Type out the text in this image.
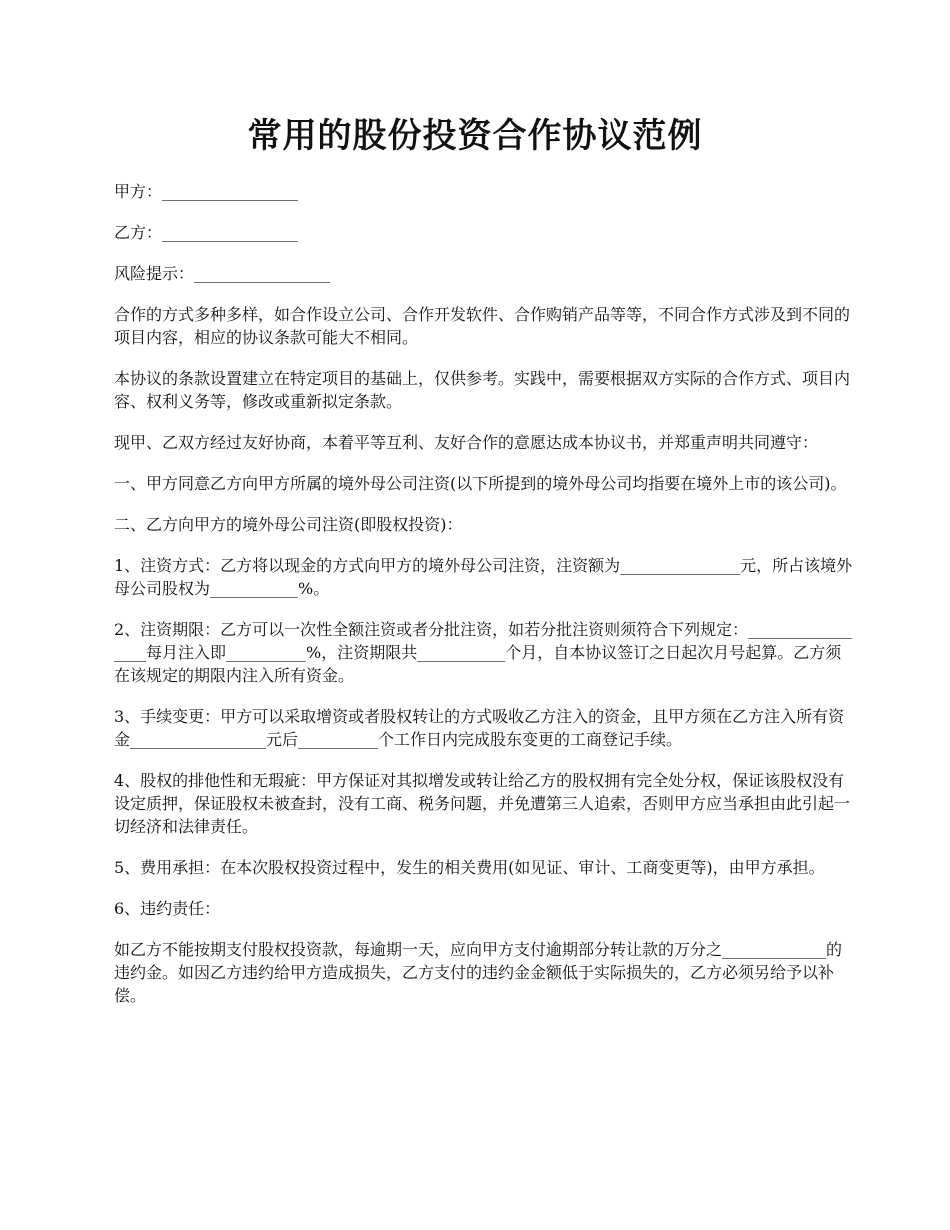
常用的股份投资合作协议范例

甲方：_________________

乙方：_________________

风险提示：_________________

合作的方式多种多样，如合作设立公司、合作开发软件、合作购销产品等等，不同合作方式涉及到不同的项目内容，相应的协议条款可能大不相同。

本协议的条款设置建立在特定项目的基础上，仅供参考。实践中，需要根据双方实际的合作方式、项目内容、权利义务等，修改或重新拟定条款。

现甲、乙双方经过友好协商，本着平等互利、友好合作的意愿达成本协议书，并郑重声明共同遵守：

一、甲方同意乙方向甲方所属的境外母公司注资(以下所提到的境外母公司均指要在境外上市的该公司)。

二、乙方向甲方的境外母公司注资(即股权投资)：

1、注资方式：乙方将以现金的方式向甲方的境外母公司注资，注资额为_______________元，所占该境外母公司股权为___________%。

2、注资期限：乙方可以一次性全额注资或者分批注资，如若分批注资则须符合下列规定：_________________每月注入即__________%，注资期限共___________个月，自本协议签订之日起次月号起算。乙方须在该规定的期限内注入所有资金。

3、手续变更：甲方可以采取增资或者股权转让的方式吸收乙方注入的资金，且甲方须在乙方注入所有资金_________________元后__________个工作日内完成股东变更的工商登记手续。

4、股权的排他性和无瑕疵：甲方保证对其拟增发或转让给乙方的股权拥有完全处分权，保证该股权没有设定质押，保证股权未被查封，没有工商、税务问题，并免遭第三人追索，否则甲方应当承担由此引起一切经济和法律责任。

5、费用承担：在本次股权投资过程中，发生的相关费用(如见证、审计、工商变更等)，由甲方承担。

6、违约责任：

如乙方不能按期支付股权投资款，每逾期一天，应向甲方支付逾期部分转让款的万分之_____________的违约金。如因乙方违约给甲方造成损失，乙方支付的违约金金额低于实际损失的，乙方必须另给予以补偿。
